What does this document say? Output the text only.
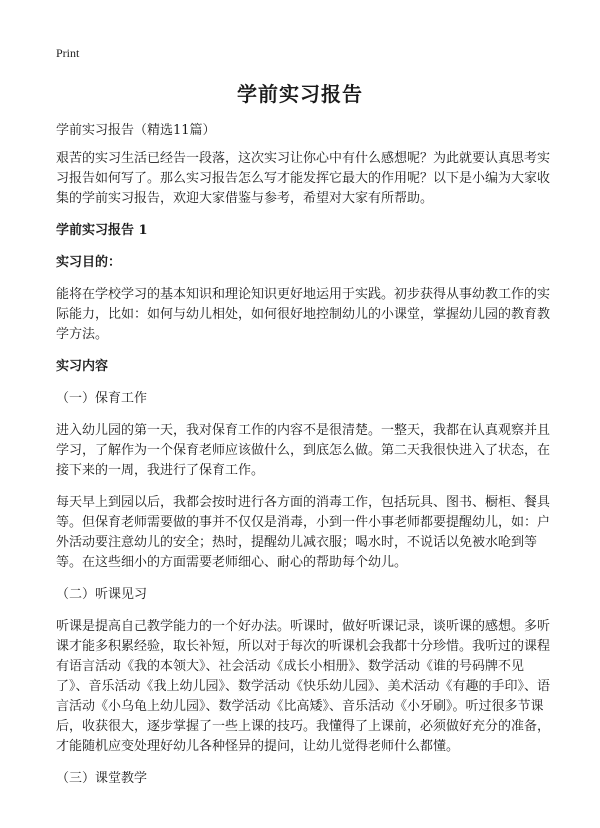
Print
学前实习报告

学前实习报告（精选11篇）

艰苦的实习生活已经告一段落，这次实习让你心中有什么感想呢？为此就要认真思考实习报告如何写了。那么实习报告怎么写才能发挥它最大的作用呢？以下是小编为大家收集的学前实习报告，欢迎大家借鉴与参考，希望对大家有所帮助。

学前实习报告 1

实习目的：

能将在学校学习的基本知识和理论知识更好地运用于实践。初步获得从事幼教工作的实际能力，比如：如何与幼儿相处，如何很好地控制幼儿的小课堂，掌握幼儿园的教育教学方法。

实习内容

（一）保育工作

进入幼儿园的第一天，我对保育工作的内容不是很清楚。一整天，我都在认真观察并且学习，了解作为一个保育老师应该做什么，到底怎么做。第二天我很快进入了状态，在接下来的一周，我进行了保育工作。

每天早上到园以后，我都会按时进行各方面的消毒工作，包括玩具、图书、橱柜、餐具等。但保育老师需要做的事并不仅仅是消毒，小到一件小事老师都要提醒幼儿，如：户外活动要注意幼儿的安全；热时，提醒幼儿减衣服；喝水时，不说话以免被水呛到等等。在这些细小的方面需要老师细心、耐心的帮助每个幼儿。

（二）听课见习

听课是提高自己教学能力的一个好办法。听课时，做好听课记录，谈听课的感想。多听课才能多积累经验，取长补短，所以对于每次的听课机会我都十分珍惜。我听过的课程有语言活动《我的本领大》、社会活动《成长小相册》、数学活动《谁的号码牌不见了》、音乐活动《我上幼儿园》、数学活动《快乐幼儿园》、美术活动《有趣的手印》、语言活动《小乌龟上幼儿园》、数学活动《比高矮》、音乐活动《小牙刷》。听过很多节课后，收获很大，逐步掌握了一些上课的技巧。我懂得了上课前，必须做好充分的准备，才能随机应变处理好幼儿各种怪异的提问，让幼儿觉得老师什么都懂。

（三）课堂教学
